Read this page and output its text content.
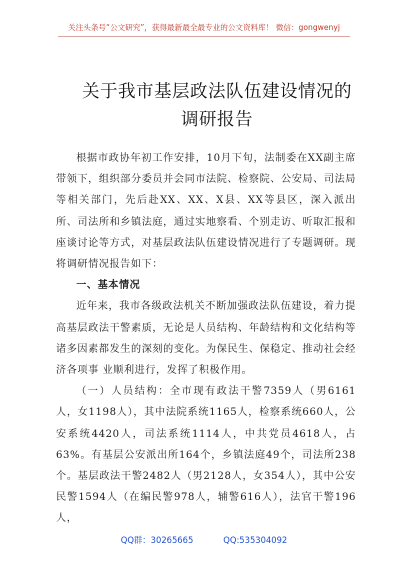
关注头条号“公文研究”，获得最新最全最专业的公文资料库！ 微信：gongwenyj
关于我市基层政法队伍建设情况的调研报告

根据市政协年初工作安排，10月下旬，法制委在XX副主席带领下，组织部分委员并会同市法院、检察院、公安局、司法局等相关部门，先后赴XX、XX、X县、XX等县区，深入派出所、司法所和乡镇法庭，通过实地察看、个别走访、听取汇报和座谈讨论等方式，对基层政法队伍建设情况进行了专题调研。现将调研情况报告如下：

一、基本情况

近年来，我市各级政法机关不断加强政法队伍建设，着力提高基层政法干警素质，无论是人员结构、年龄结构和文化结构等诸多因素都发生的深刻的变化。为保民生、保稳定、推动社会经济各项事 业顺利进行，发挥了积极作用。

（一）人员结构：全市现有政法干警7359人（男6161人，女1198人），其中法院系统1165人，检察系统660人，公安系统4420人，司法系统1114人，中共党员4618人，占63%。有基层公安派出所164个，乡镇法庭49个，司法所238个。基层政法干警2482人（男2128人，女354人），其中公安民警1594人（在编民警978人，辅警616人），法官干警196人，

QQ群：30265665	QQ:535304092
